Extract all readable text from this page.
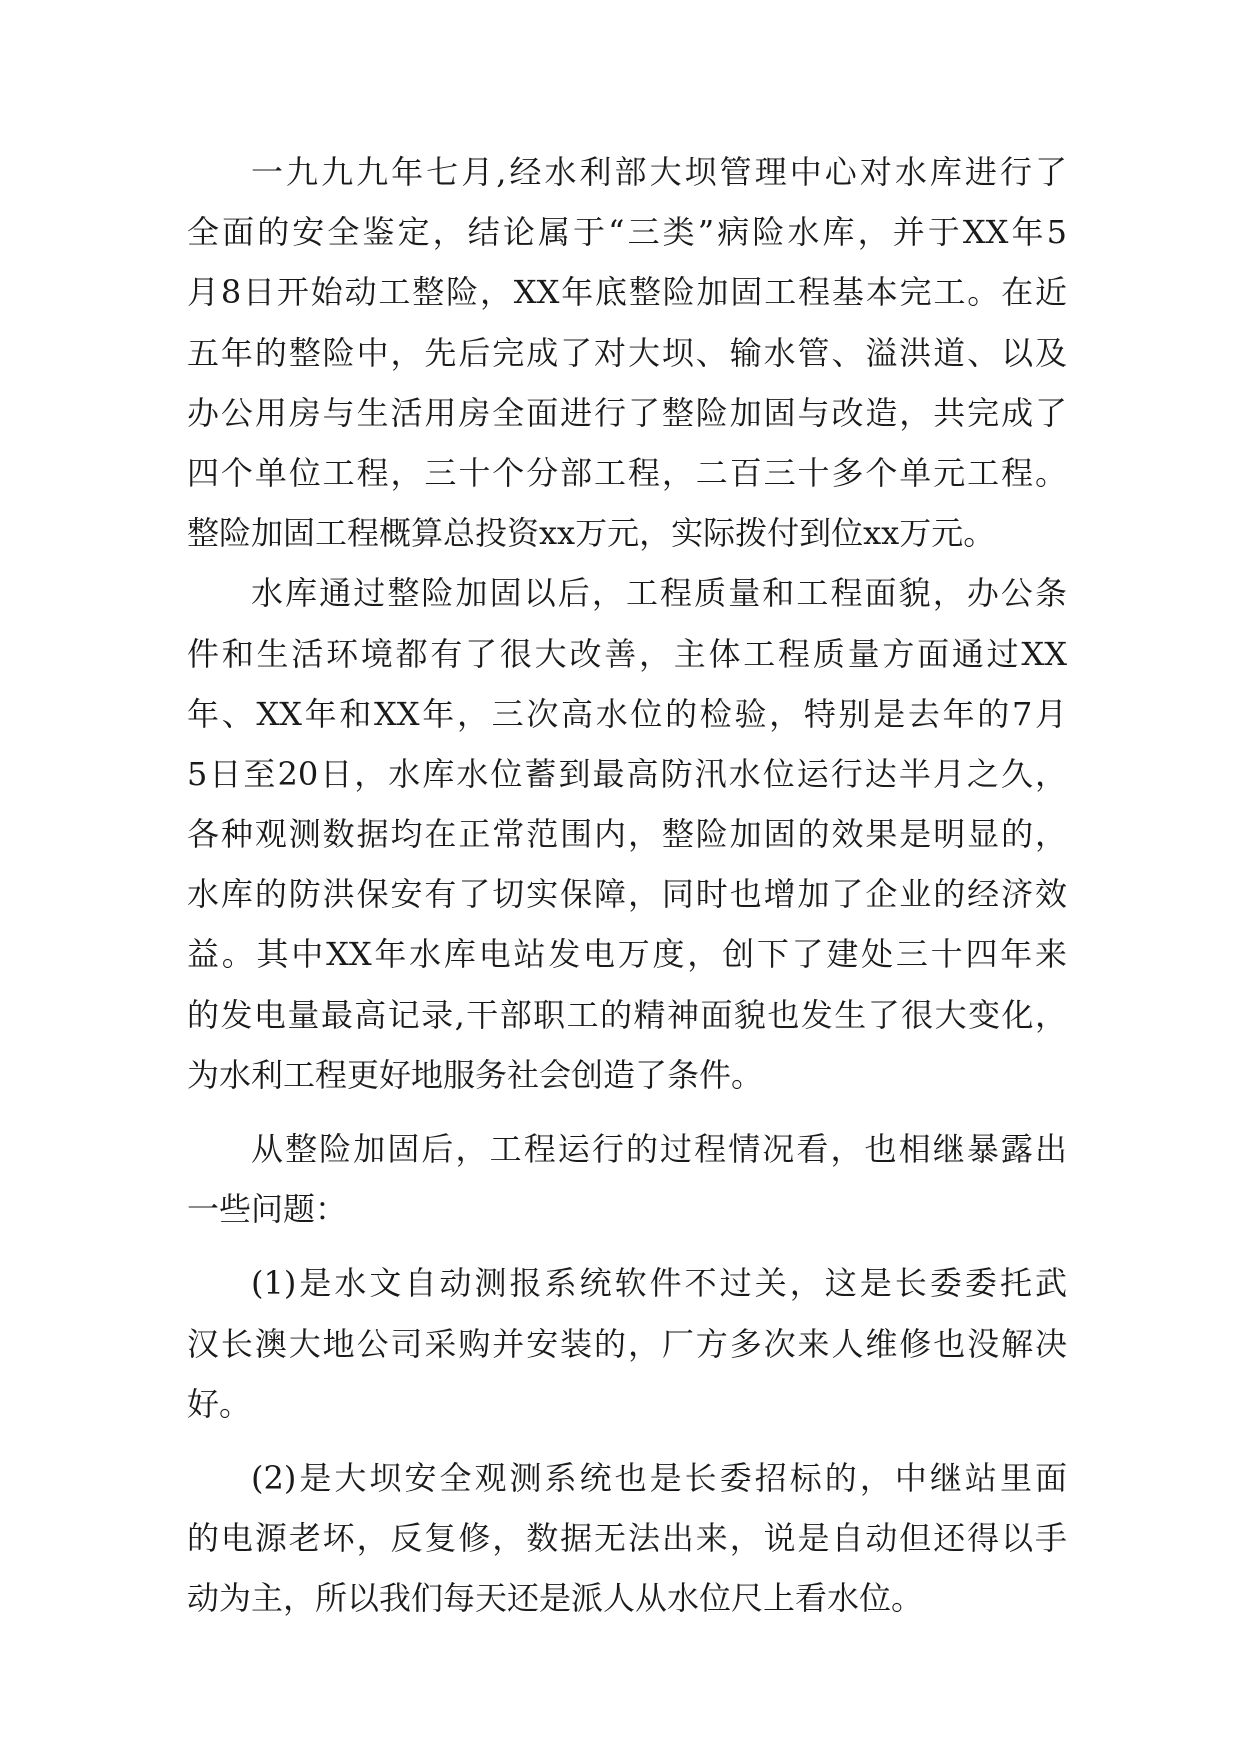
一九九九年七月,经水利部大坝管理中心对水库进行了
全面的安全鉴定，结论属于“三类”病险水库，并于XX年5
月8日开始动工整险，XX年底整险加固工程基本完工。在近
五年的整险中，先后完成了对大坝、输水管、溢洪道、以及
办公用房与生活用房全面进行了整险加固与改造，共完成了
四个单位工程，三十个分部工程，二百三十多个单元工程。
整险加固工程概算总投资xx万元，实际拨付到位xx万元。
水库通过整险加固以后，工程质量和工程面貌，办公条
件和生活环境都有了很大改善，主体工程质量方面通过XX
年、XX年和XX年，三次高水位的检验，特别是去年的7月
5日至20日，水库水位蓄到最高防汛水位运行达半月之久，
各种观测数据均在正常范围内，整险加固的效果是明显的，
水库的防洪保安有了切实保障，同时也增加了企业的经济效
益。其中XX年水库电站发电万度，创下了建处三十四年来
的发电量最高记录,干部职工的精神面貌也发生了很大变化，
为水利工程更好地服务社会创造了条件。
从整险加固后，工程运行的过程情况看，也相继暴露出
一些问题：
(1)是水文自动测报系统软件不过关，这是长委委托武
汉长澳大地公司采购并安装的，厂方多次来人维修也没解决
好。
(2)是大坝安全观测系统也是长委招标的，中继站里面
的电源老坏，反复修，数据无法出来，说是自动但还得以手
动为主，所以我们每天还是派人从水位尺上看水位。
